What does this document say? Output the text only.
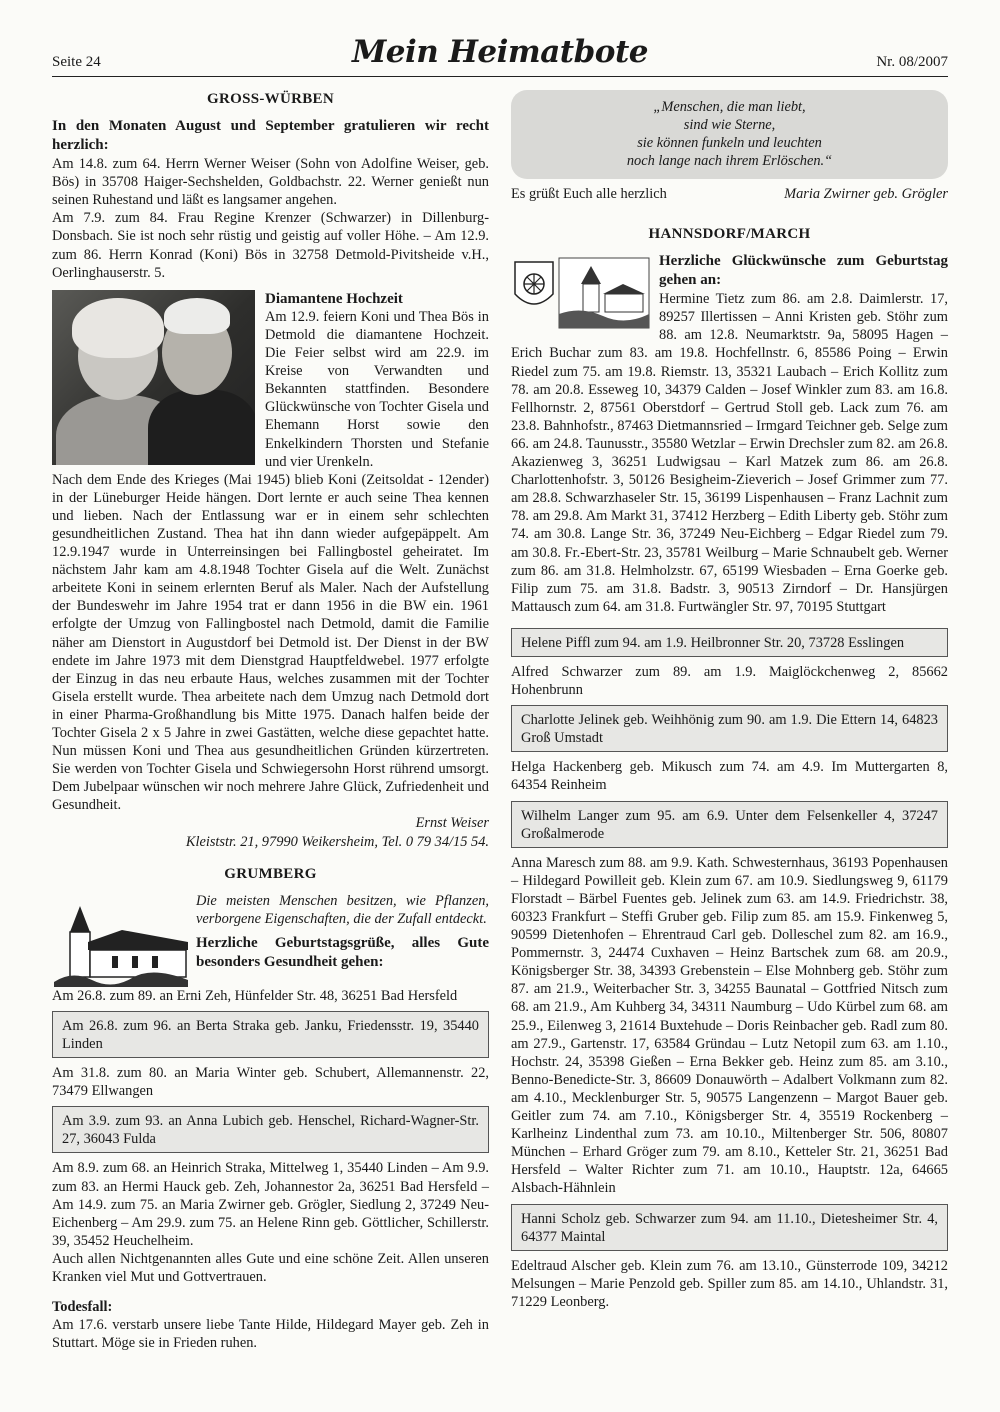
Seite 24	Mein Heimatbote	Nr. 08/2007
GROSS-WÜRBEN

In den Monaten August und September gratulieren wir recht herzlich:

Am 14.8. zum 64. Herrn Werner Weiser (Sohn von Adolfine Weiser, geb. Bös) in 35708 Haiger-Sechshelden, Goldbachstr. 22. Werner genießt nun seinen Ruhestand und läßt es langsamer angehen.

Am 7.9. zum 84. Frau Regine Krenzer (Schwarzer) in Dillenburg-Donsbach. Sie ist noch sehr rüstig und geistig auf voller Höhe. – Am 12.9. zum 86. Herrn Konrad (Koni) Bös in 32758 Detmold-Pivitsheide v.H., Oerlinghauserstr. 5.

Diamantene Hochzeit

Am 12.9. feiern Koni und Thea Bös in Detmold die diamantene Hochzeit. Die Feier selbst wird am 22.9. im Kreise von Verwandten und Bekannten stattfinden. Besondere Glückwünsche von Tochter Gisela und Ehemann Horst sowie den Enkelkindern Thorsten und Stefanie und vier Urenkeln.

Nach dem Ende des Krieges (Mai 1945) blieb Koni (Zeitsoldat - 12ender) in der Lüneburger Heide hängen. Dort lernte er auch seine Thea kennen und lieben. Nach der Entlassung war er in einem sehr schlechten gesundheitlichen Zustand. Thea hat ihn dann wieder aufgepäppelt. Am 12.9.1947 wurde in Unterreinsingen bei Fallingbostel geheiratet. Im nächstem Jahr kam am 4.8.1948 Tochter Gisela auf die Welt. Zunächst arbeitete Koni in seinem erlernten Beruf als Maler. Nach der Aufstellung der Bundeswehr im Jahre 1954 trat er dann 1956 in die BW ein. 1961 erfolgte der Umzug von Fallingbostel nach Detmold, damit die Familie näher am Dienstort in Augustdorf bei Detmold ist. Der Dienst in der BW endete im Jahre 1973 mit dem Dienstgrad Hauptfeldwebel. 1977 erfolgte der Einzug in das neu erbaute Haus, welches zusammen mit der Tochter Gisela erstellt wurde. Thea arbeitete nach dem Umzug nach Detmold dort in einer Pharma-Großhandlung bis Mitte 1975. Danach halfen beide der Tochter Gisela 2 x 5 Jahre in zwei Gastätten, welche diese gepachtet hatte. Nun müssen Koni und Thea aus gesundheitlichen Gründen kürzertreten. Sie werden von Tochter Gisela und Schwiegersohn Horst rührend umsorgt. Dem Jubelpaar wünschen wir noch mehrere Jahre Glück, Zufriedenheit und Gesundheit.

Ernst Weiser

Kleiststr. 21, 97990 Weikersheim, Tel. 0 79 34/15 54.

GRUMBERG

Die meisten Menschen besitzen, wie Pflanzen, verborgene Eigenschaften, die der Zufall entdeckt.

Herzliche Geburtstagsgrüße, alles Gute besonders Gesundheit gehen:

Am 26.8. zum 89. an Erni Zeh, Hünfelder Str. 48, 36251 Bad Hersfeld

Am 26.8. zum 96. an Berta Straka geb. Janku, Friedensstr. 19, 35440 Linden

Am 31.8. zum 80. an Maria Winter geb. Schubert, Allemannenstr. 22, 73479 Ellwangen

Am 3.9. zum 93. an Anna Lubich geb. Henschel, Richard-Wagner-Str. 27, 36043 Fulda

Am 8.9. zum 68. an Heinrich Straka, Mittelweg 1, 35440 Linden – Am 9.9. zum 83. an Hermi Hauck geb. Zeh, Johannestor 2a, 36251 Bad Hersfeld – Am 14.9. zum 75. an Maria Zwirner geb. Grögler, Siedlung 2, 37249 Neu-Eichenberg – Am 29.9. zum 75. an Helene Rinn geb. Göttlicher, Schillerstr. 39, 35452 Heuchelheim.

Auch allen Nichtgenannten alles Gute und eine schöne Zeit. Allen unseren Kranken viel Mut und Gottvertrauen.

Todesfall:

Am 17.6. verstarb unsere liebe Tante Hilde, Hildegard Mayer geb. Zeh in Stuttart. Möge sie in Frieden ruhen.

„Menschen, die man liebt,
sind wie Sterne,
sie können funkeln und leuchten
noch lange nach ihrem Erlöschen.“
Es grüßt Euch alle herzlich	Maria Zwirner geb. Grögler
HANNSDORF/MARCH

Herzliche Glückwünsche zum Geburtstag gehen an:

Hermine Tietz zum 86. am 2.8. Daimlerstr. 17, 89257 Illertissen – Anni Kristen geb. Stöhr zum 88. am 12.8. Neumarktstr. 9a, 58095 Hagen – Erich Buchar zum 83. am 19.8. Hochfellnstr. 6, 85586 Poing – Erwin Riedel zum 75. am 19.8. Riemstr. 13, 35321 Laubach – Erich Kollitz zum 78. am 20.8. Esseweg 10, 34379 Calden – Josef Winkler zum 83. am 16.8. Fellhornstr. 2, 87561 Oberstdorf – Gertrud Stoll geb. Lack zum 76. am 23.8. Bahnhofstr., 87463 Dietmannsried – Irmgard Teichner geb. Selge zum 66. am 24.8. Taunusstr., 35580 Wetzlar – Erwin Drechsler zum 82. am 26.8. Akazienweg 3, 36251 Ludwigsau – Karl Matzek zum 86. am 26.8. Charlottenhofstr. 3, 50126 Besigheim-Zieverich – Josef Grimmer zum 77. am 28.8. Schwarzhaseler Str. 15, 36199 Lispenhausen – Franz Lachnit zum 78. am 29.8. Am Markt 31, 37412 Herzberg – Edith Liberty geb. Stöhr zum 74. am 30.8. Lange Str. 36, 37249 Neu-Eichberg – Edgar Riedel zum 79. am 30.8. Fr.-Ebert-Str. 23, 35781 Weilburg – Marie Schnaubelt geb. Werner zum 86. am 31.8. Helmholzstr. 67, 65199 Wiesbaden – Erna Goerke geb. Filip zum 75. am 31.8. Badstr. 3, 90513 Zirndorf – Dr. Hansjürgen Mattausch zum 64. am 31.8. Furtwängler Str. 97, 70195 Stuttgart

Helene Piffl zum 94. am 1.9. Heilbronner Str. 20, 73728 Esslingen

Alfred Schwarzer zum 89. am 1.9. Maiglöckchenweg 2, 85662 Hohenbrunn

Charlotte Jelinek geb. Weihhönig zum 90. am 1.9. Die Ettern 14, 64823 Groß Umstadt

Helga Hackenberg geb. Mikusch zum 74. am 4.9. Im Muttergarten 8, 64354 Reinheim

Wilhelm Langer zum 95. am 6.9. Unter dem Felsenkeller 4, 37247 Großalmerode

Anna Maresch zum 88. am 9.9. Kath. Schwesternhaus, 36193 Popenhausen – Hildegard Powilleit geb. Klein zum 67. am 10.9. Siedlungsweg 9, 61179 Florstadt – Bärbel Fuentes geb. Jelinek zum 63. am 14.9. Friedrichstr. 38, 60323 Frankfurt – Steffi Gruber geb. Filip zum 85. am 15.9. Finkenweg 5, 90599 Dietenhofen – Ehrentraud Carl geb. Dolleschel zum 82. am 16.9., Pommernstr. 3, 24474 Cuxhaven – Heinz Bartschek zum 68. am 20.9., Königsberger Str. 38, 34393 Grebenstein – Else Mohnberg geb. Stöhr zum 87. am 21.9., Weiterbacher Str. 3, 34255 Baunatal – Gottfried Nitsch zum 68. am 21.9., Am Kuhberg 34, 34311 Naumburg – Udo Kürbel zum 68. am 25.9., Eilenweg 3, 21614 Buxtehude – Doris Reinbacher geb. Radl zum 80. am 27.9., Gartenstr. 17, 63584 Gründau – Lutz Netopil zum 63. am 1.10., Hochstr. 24, 35398 Gießen – Erna Bekker geb. Heinz zum 85. am 3.10., Benno-Benedicte-Str. 3, 86609 Donauwörth – Adalbert Volkmann zum 82. am 4.10., Mecklenburger Str. 5, 90575 Langenzenn – Margot Bauer geb. Geitler zum 74. am 7.10., Königsberger Str. 4, 35519 Rockenberg – Karlheinz Lindenthal zum 73. am 10.10., Miltenberger Str. 506, 80807 München – Erhard Gröger zum 79. am 8.10., Ketteler Str. 21, 36251 Bad Hersfeld – Walter Richter zum 71. am 10.10., Hauptstr. 12a, 64665 Alsbach-Hähnlein

Hanni Scholz geb. Schwarzer zum 94. am 11.10., Dietesheimer Str. 4, 64377 Maintal

Edeltraud Alscher geb. Klein zum 76. am 13.10., Günsterrode 109, 34212 Melsungen – Marie Penzold geb. Spiller zum 85. am 14.10., Uhlandstr. 31, 71229 Leonberg.
